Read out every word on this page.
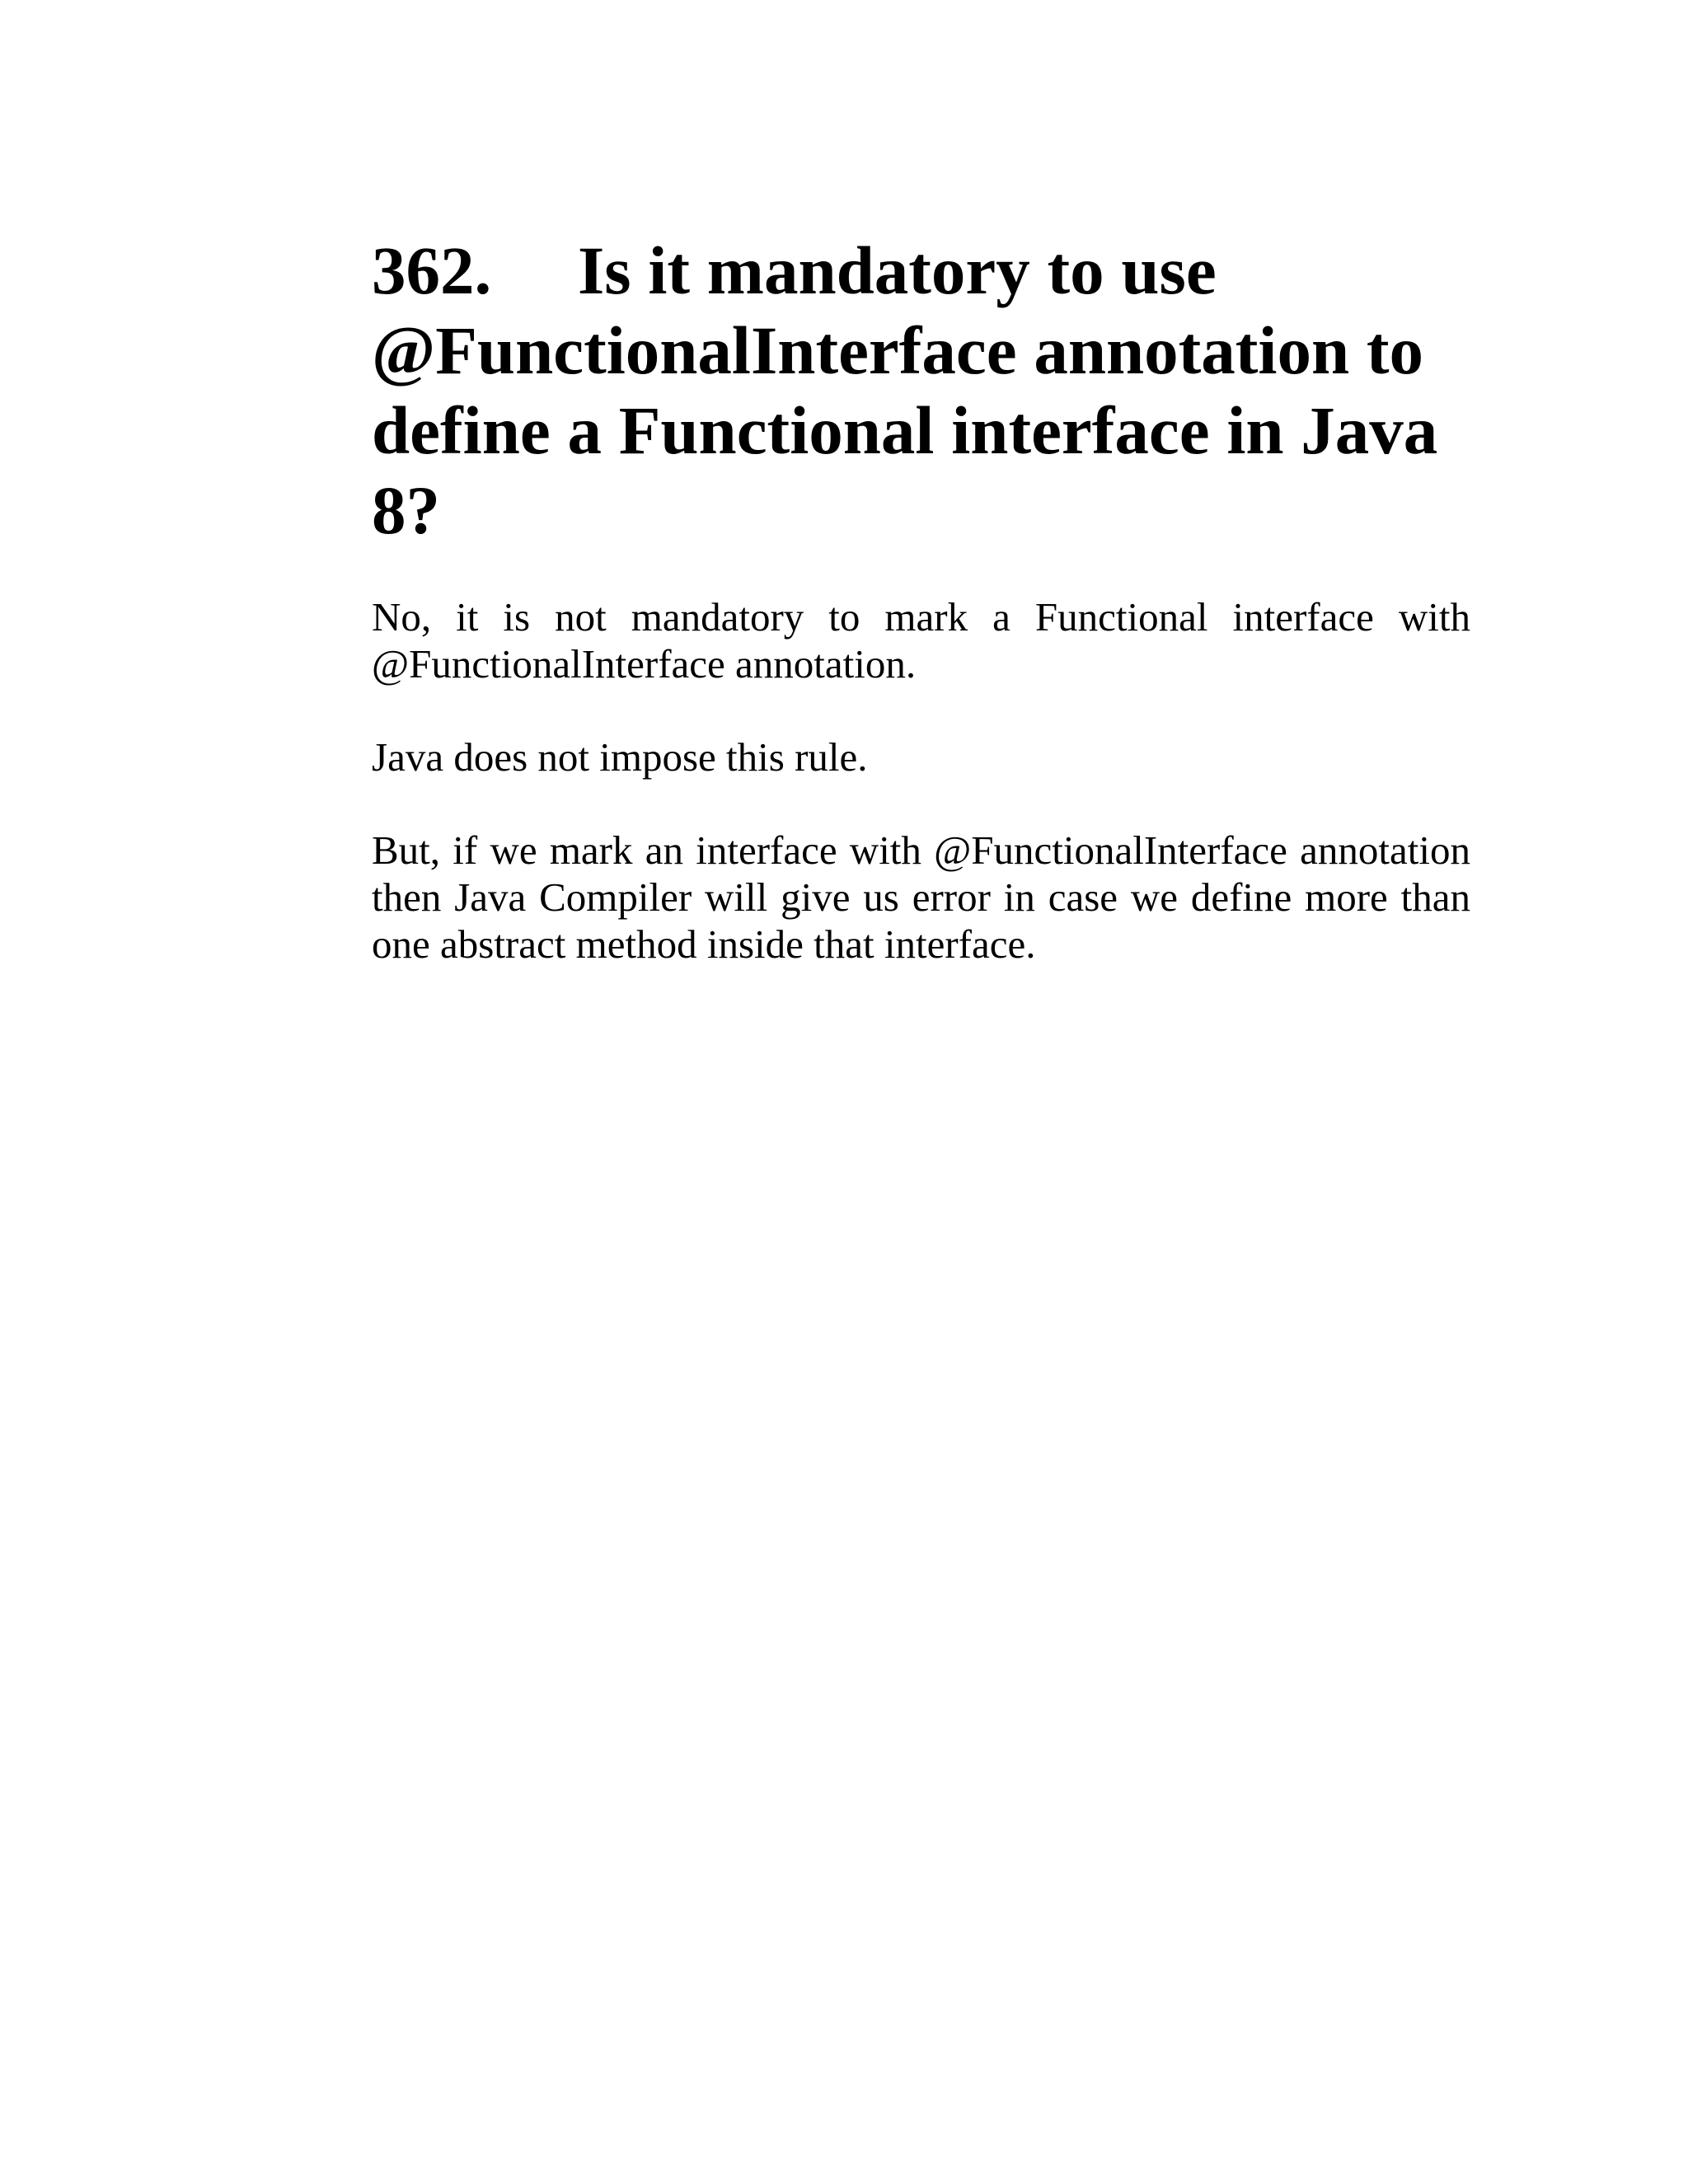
362. Is it mandatory to use @FunctionalInterface annotation to define a Functional interface in Java 8?

No, it is not mandatory to mark a Functional interface with @FunctionalInterface annotation.

Java does not impose this rule.

But, if we mark an interface with @FunctionalInterface annotation then Java Compiler will give us error in case we define more than one abstract method inside that interface.
